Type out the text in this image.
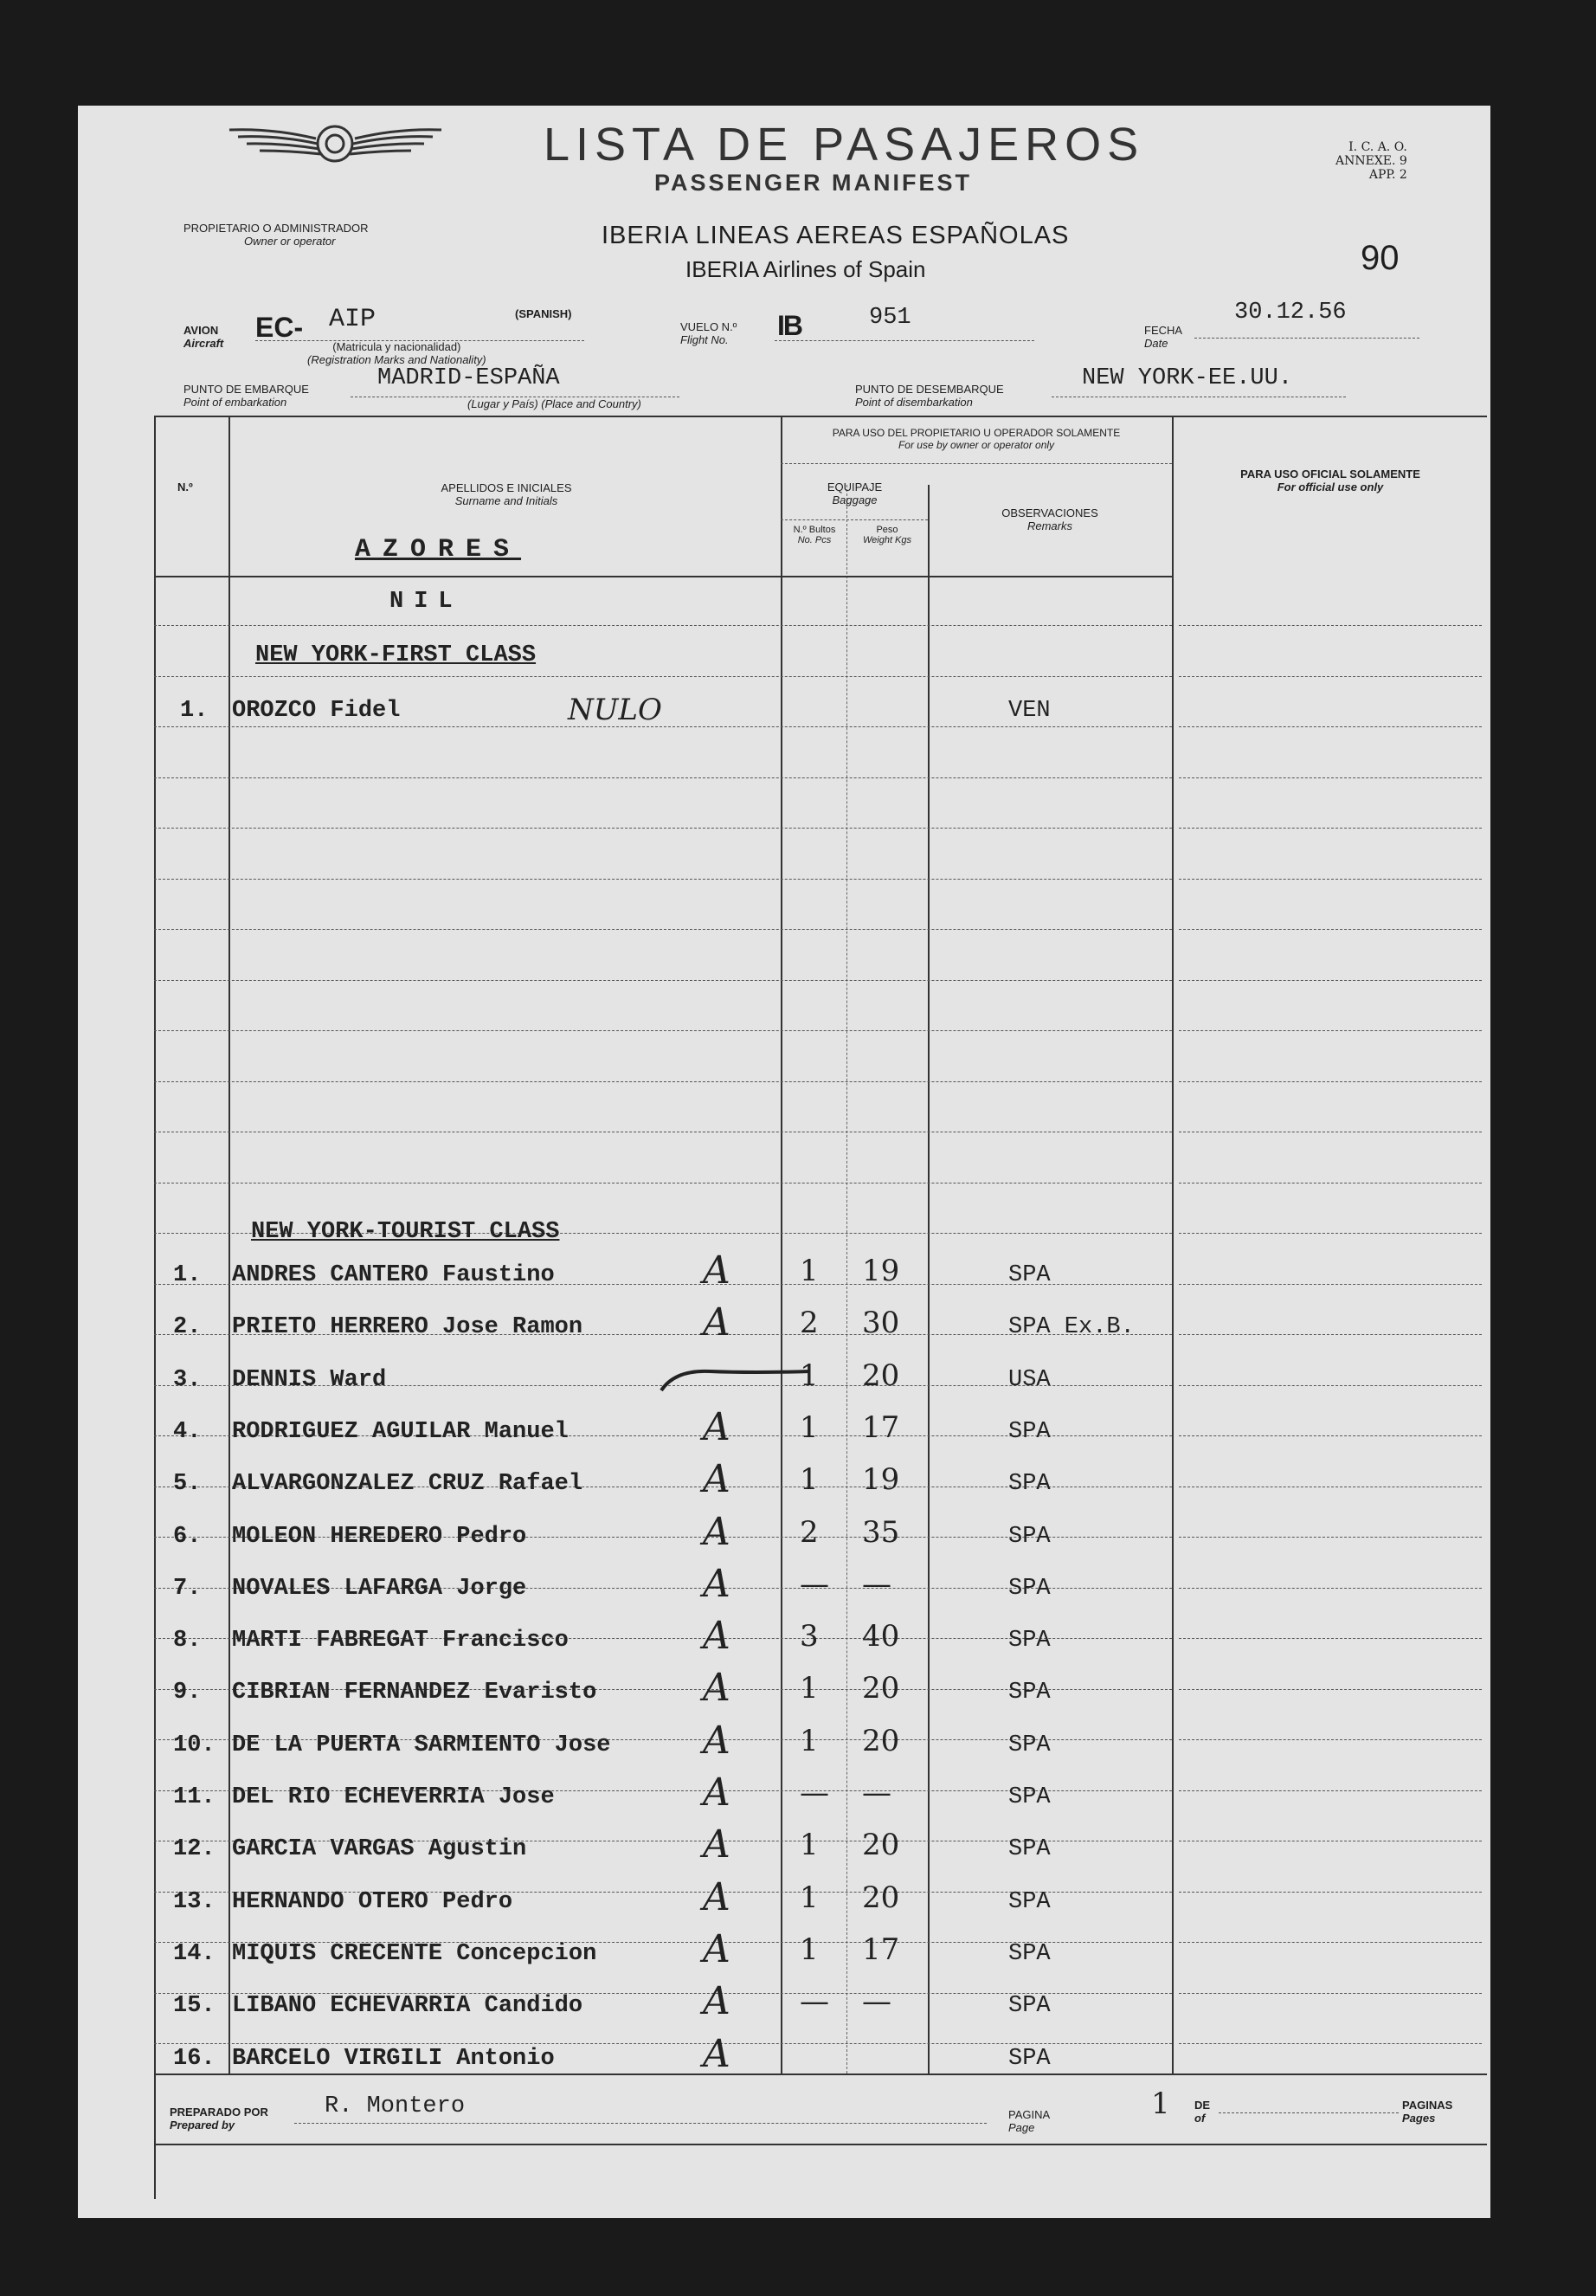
LISTA DE PASAJEROS
PASSENGER MANIFEST
I. C. A. O.
ANNEXE. 9
APP. 2
90
PROPIETARIO O ADMINISTRADOR
Owner or operator	IBERIA LINEAS AEREAS ESPAÑOLAS
IBERIA Airlines of Spain
AVION
Aircraft
EC- AIP	(SPANISH)
(Matricula y nacionalidad)
(Registration Marks and Nationality)
VUELO N.º
Flight No.	IB	951	FECHA
Date
30.12.56
PUNTO DE EMBARQUE
Point of embarkation
MADRID-ESPAÑA
(Lugar y País) (Place and Country)
PUNTO DE DESEMBARQUE
Point of disembarkation
NEW YORK-EE.UU.
N.º	APELLIDOS E INICIALES
Surname and Initials
PARA USO DEL PROPIETARIO U OPERADOR SOLAMENTE
For use by owner or operator only
EQUIPAJE
Baggage
N.º Bultos
No. Pcs
Peso
Weight Kgs
OBSERVACIONES
Remarks
PARA USO OFICIAL SOLAMENTE
For official use only
AZORES
NIL
NEW YORK-FIRST CLASS
1. OROZCO Fidel	NULO	VEN
NEW YORK-TOURIST CLASS
1. ANDRES CANTERO Faustino	A 1 19	SPA
2. PRIETO HERRERO Jose Ramon	A 2 30	SPA Ex.B.
3. DENNIS Ward	1 20	USA
4. RODRIGUEZ AGUILAR Manuel	A 1 17	SPA
5. ALVARGONZALEZ CRUZ Rafael	A 1 19	SPA
6. MOLEON HEREDERO Pedro	A 2 35	SPA
7. NOVALES LAFARGA Jorge	A — —	SPA
8. MARTI FABREGAT Francisco	A 3 40	SPA
9. CIBRIAN FERNANDEZ Evaristo	A 1 20	SPA
10. DE LA PUERTA SARMIENTO Jose A 1 20	SPA
11. DEL RIO ECHEVERRIA Jose	A — —	SPA
12. GARCIA VARGAS Agustin	A 1 20	SPA
13. HERNANDO OTERO Pedro	A 1 20	SPA
14. MIQUIS CRECENTE Concepcion	A 1 17	SPA
15. LIBANO ECHEVARRIA Candido	A — —	SPA
16. BARCELO VIRGILI Antonio	A	SPA
PREPARADO POR
Prepared by
R. Montero	PAGINA
Page
1 DE
of
PAGINAS
Pages
